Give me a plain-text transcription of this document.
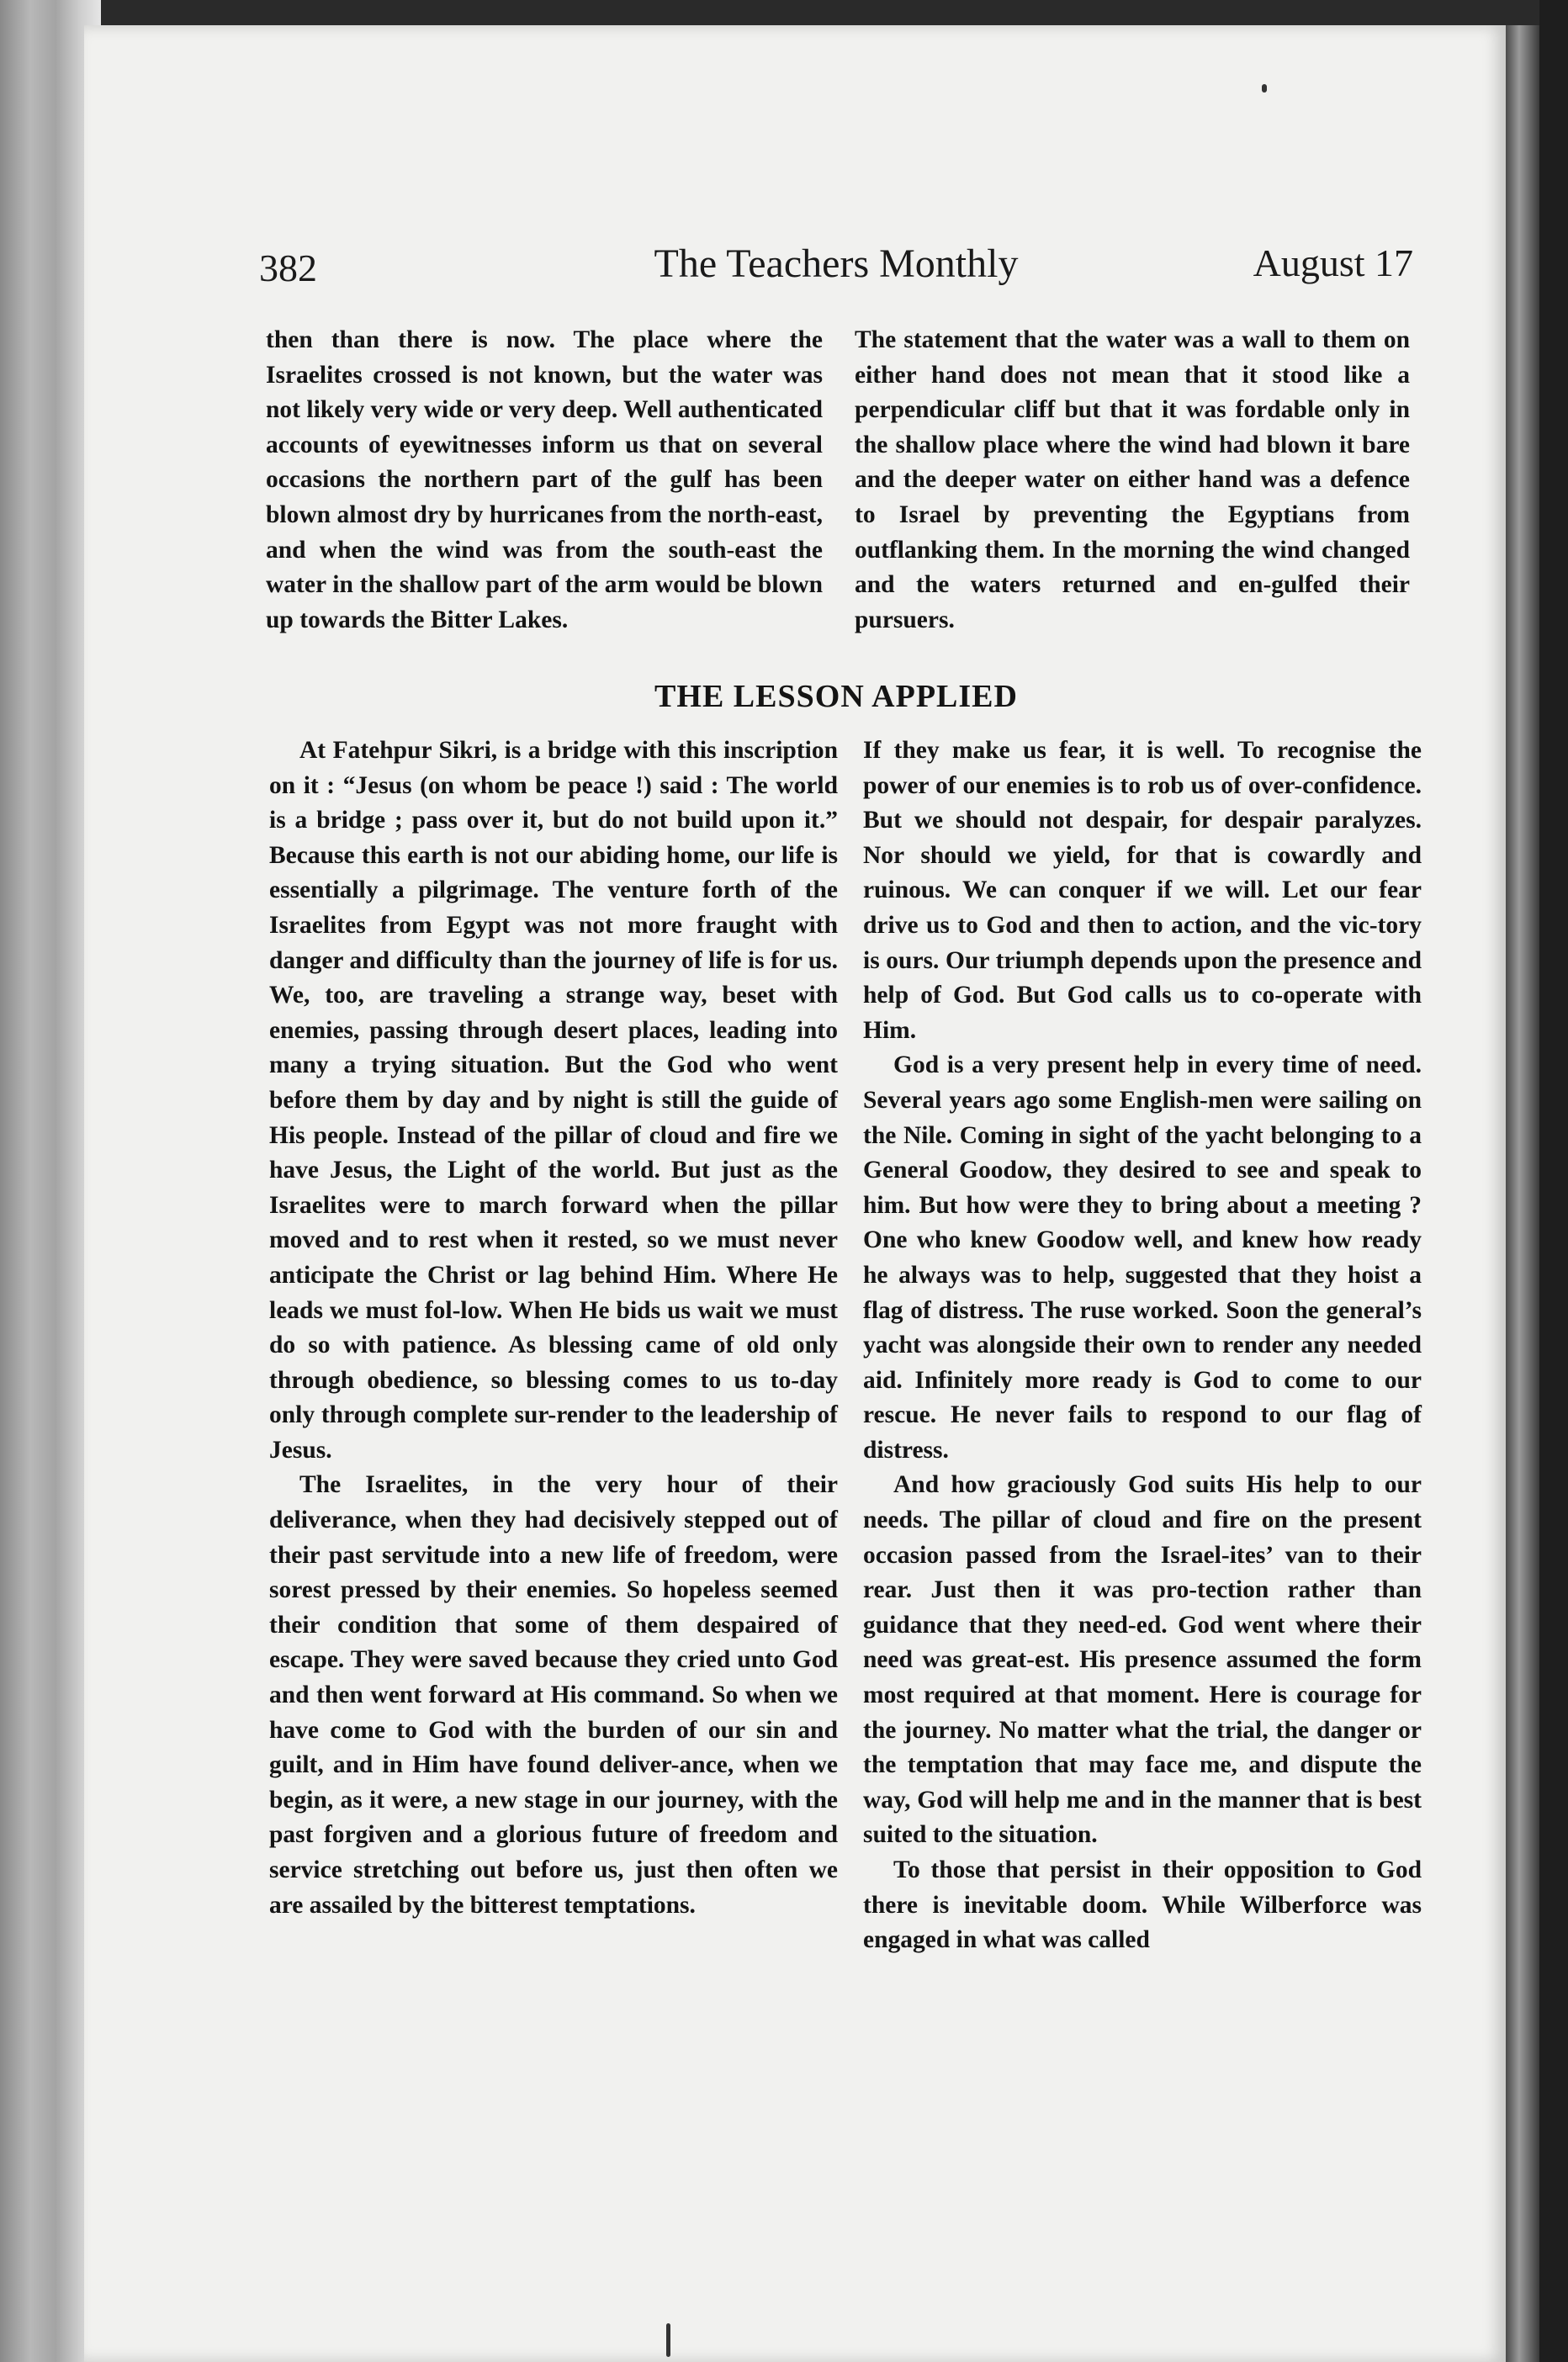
382	The Teachers Monthly	August 17

then than there is now. The place where the Israelites crossed is not known, but the water was not likely very wide or very deep. Well authenticated accounts of eyewitnesses inform us that on several occasions the northern part of the gulf has been blown almost dry by hurricanes from the north-east, and when the wind was from the south-east the water in the shallow part of the arm would be blown up towards the Bitter Lakes.

The statement that the water was a wall to them on either hand does not mean that it stood like a perpendicular cliff but that it was fordable only in the shallow place where the wind had blown it bare and the deeper water on either hand was a defence to Israel by preventing the Egyptians from outflanking them. In the morning the wind changed and the waters returned and en-gulfed their pursuers.

THE LESSON APPLIED

At Fatehpur Sikri, is a bridge with this inscription on it : “Jesus (on whom be peace !) said : The world is a bridge ; pass over it, but do not build upon it.” Because this earth is not our abiding home, our life is essentially a pilgrimage. The venture forth of the Israelites from Egypt was not more fraught with danger and difficulty than the journey of life is for us. We, too, are traveling a strange way, beset with enemies, passing through desert places, leading into many a trying situation. But the God who went before them by day and by night is still the guide of His people. Instead of the pillar of cloud and fire we have Jesus, the Light of the world. But just as the Israelites were to march forward when the pillar moved and to rest when it rested, so we must never anticipate the Christ or lag behind Him. Where He leads we must fol-low. When He bids us wait we must do so with patience. As blessing came of old only through obedience, so blessing comes to us to-day only through complete sur-render to the leadership of Jesus.

The Israelites, in the very hour of their deliverance, when they had decisively stepped out of their past servitude into a new life of freedom, were sorest pressed by their enemies. So hopeless seemed their condition that some of them despaired of escape. They were saved because they cried unto God and then went forward at His command. So when we have come to God with the burden of our sin and guilt, and in Him have found deliver-ance, when we begin, as it were, a new stage in our journey, with the past forgiven and a glorious future of freedom and service stretching out before us, just then often we are assailed by the bitterest temptations.

If they make us fear, it is well. To recognise the power of our enemies is to rob us of over-confidence. But we should not despair, for despair paralyzes. Nor should we yield, for that is cowardly and ruinous. We can conquer if we will. Let our fear drive us to God and then to action, and the vic-tory is ours. Our triumph depends upon the presence and help of God. But God calls us to co-operate with Him.

God is a very present help in every time of need. Several years ago some English-men were sailing on the Nile. Coming in sight of the yacht belonging to a General Goodow, they desired to see and speak to him. But how were they to bring about a meeting ? One who knew Goodow well, and knew how ready he always was to help, suggested that they hoist a flag of distress. The ruse worked. Soon the general’s yacht was alongside their own to render any needed aid. Infinitely more ready is God to come to our rescue. He never fails to respond to our flag of distress.

And how graciously God suits His help to our needs. The pillar of cloud and fire on the present occasion passed from the Israel-ites’ van to their rear. Just then it was pro-tection rather than guidance that they need-ed. God went where their need was great-est. His presence assumed the form most required at that moment. Here is courage for the journey. No matter what the trial, the danger or the temptation that may face me, and dispute the way, God will help me and in the manner that is best suited to the situation.

To those that persist in their opposition to God there is inevitable doom. While Wilberforce was engaged in what was called
